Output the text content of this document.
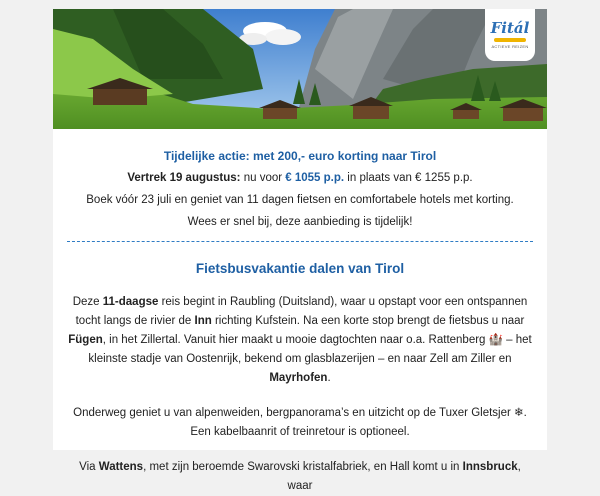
Fitál
ACTIEVE REIZEN
Tijdelijke actie: met 200,- euro korting naar Tirol
Vertrek 19 augustus: nu voor € 1055 p.p. in plaats van € 1255 p.p.
Boek vóór 23 juli en geniet van 11 dagen fietsen en comfortabele hotels met korting.
Wees er snel bij, deze aanbieding is tijdelijk!
Fietsbusvakantie dalen van Tirol

Deze 11-daagse reis begint in Raubling (Duitsland), waar u opstapt voor een ontspannen tocht langs de rivier de Inn richting Kufstein. Na een korte stop brengt de fietsbus u naar Fügen, in het Zillertal. Vanuit hier maakt u mooie dagtochten naar o.a. Rattenberg 🏰 – het kleinste stadje van Oostenrijk, bekend om glasblazerijen – en naar Zell am Ziller en Mayrhofen.

Onderweg geniet u van alpenweiden, bergpanorama’s en uitzicht op de Tuxer Gletsjer ❄. Een kabelbaanrit of treinretour is optioneel.

Via Wattens, met zijn beroemde Swarovski kristalfabriek, en Hall komt u in Innsbruck, waar
